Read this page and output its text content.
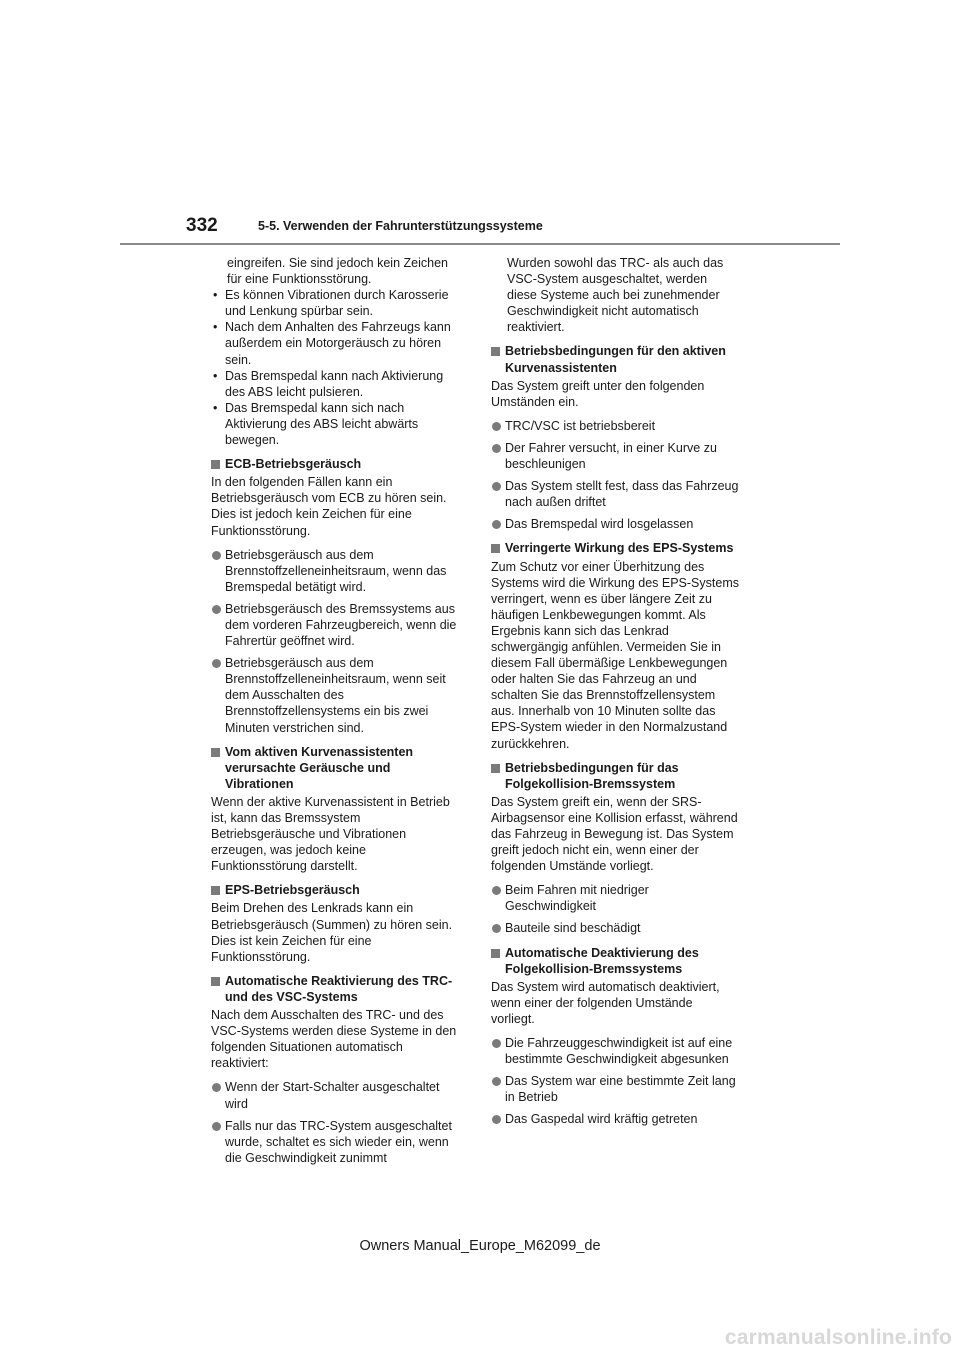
332	5-5. Verwenden der Fahrunterstützungssysteme

eingreifen. Sie sind jedoch kein Zeichen für eine Funktionsstörung.

• Es können Vibrationen durch Karosserie und Lenkung spürbar sein.
• Nach dem Anhalten des Fahrzeugs kann außerdem ein Motorgeräusch zu hören sein.
• Das Bremspedal kann nach Aktivierung des ABS leicht pulsieren.
• Das Bremspedal kann sich nach Aktivierung des ABS leicht abwärts bewegen.
ECB-Betriebsgeräusch

In den folgenden Fällen kann ein Betriebsgeräusch vom ECB zu hören sein. Dies ist jedoch kein Zeichen für eine Funktionsstörung.

Betriebsgeräusch aus dem Brennstoffzelleneinheitsraum, wenn das Bremspedal betätigt wird.
Betriebsgeräusch des Bremssystems aus dem vorderen Fahrzeugbereich, wenn die Fahrertür geöffnet wird.
Betriebsgeräusch aus dem Brennstoffzelleneinheitsraum, wenn seit dem Ausschalten des Brennstoffzellensystems ein bis zwei Minuten verstrichen sind.
Vom aktiven Kurvenassistenten verursachte Geräusche und Vibrationen

Wenn der aktive Kurvenassistent in Betrieb ist, kann das Bremssystem Betriebsgeräusche und Vibrationen erzeugen, was jedoch keine Funktionsstörung darstellt.

EPS-Betriebsgeräusch

Beim Drehen des Lenkrads kann ein Betriebsgeräusch (Summen) zu hören sein. Dies ist kein Zeichen für eine Funktionsstörung.

Automatische Reaktivierung des TRC- und des VSC-Systems

Nach dem Ausschalten des TRC- und des VSC-Systems werden diese Systeme in den folgenden Situationen automatisch reaktiviert:

Wenn der Start-Schalter ausgeschaltet wird
Falls nur das TRC-System ausgeschaltet wurde, schaltet es sich wieder ein, wenn die Geschwindigkeit zunimmt

Wurden sowohl das TRC- als auch das VSC-System ausgeschaltet, werden diese Systeme auch bei zunehmender Geschwindigkeit nicht automatisch reaktiviert.

Betriebsbedingungen für den aktiven Kurvenassistenten

Das System greift unter den folgenden Umständen ein.

TRC/VSC ist betriebsbereit
Der Fahrer versucht, in einer Kurve zu beschleunigen
Das System stellt fest, dass das Fahrzeug nach außen driftet
Das Bremspedal wird losgelassen
Verringerte Wirkung des EPS-Systems

Zum Schutz vor einer Überhitzung des Systems wird die Wirkung des EPS-Systems verringert, wenn es über längere Zeit zu häufigen Lenkbewegungen kommt. Als Ergebnis kann sich das Lenkrad schwergängig anfühlen. Vermeiden Sie in diesem Fall übermäßige Lenkbewegungen oder halten Sie das Fahrzeug an und schalten Sie das Brennstoffzellensystem aus. Innerhalb von 10 Minuten sollte das EPS-System wieder in den Normalzustand zurückkehren.

Betriebsbedingungen für das Folgekollision-Bremssystem

Das System greift ein, wenn der SRS-Airbagsensor eine Kollision erfasst, während das Fahrzeug in Bewegung ist. Das System greift jedoch nicht ein, wenn einer der folgenden Umstände vorliegt.

Beim Fahren mit niedriger Geschwindigkeit
Bauteile sind beschädigt
Automatische Deaktivierung des Folgekollision-Bremssystems

Das System wird automatisch deaktiviert, wenn einer der folgenden Umstände vorliegt.

Die Fahrzeuggeschwindigkeit ist auf eine bestimmte Geschwindigkeit abgesunken
Das System war eine bestimmte Zeit lang in Betrieb
Das Gaspedal wird kräftig getreten
Owners Manual_Europe_M62099_de
carmanualsonline.info
